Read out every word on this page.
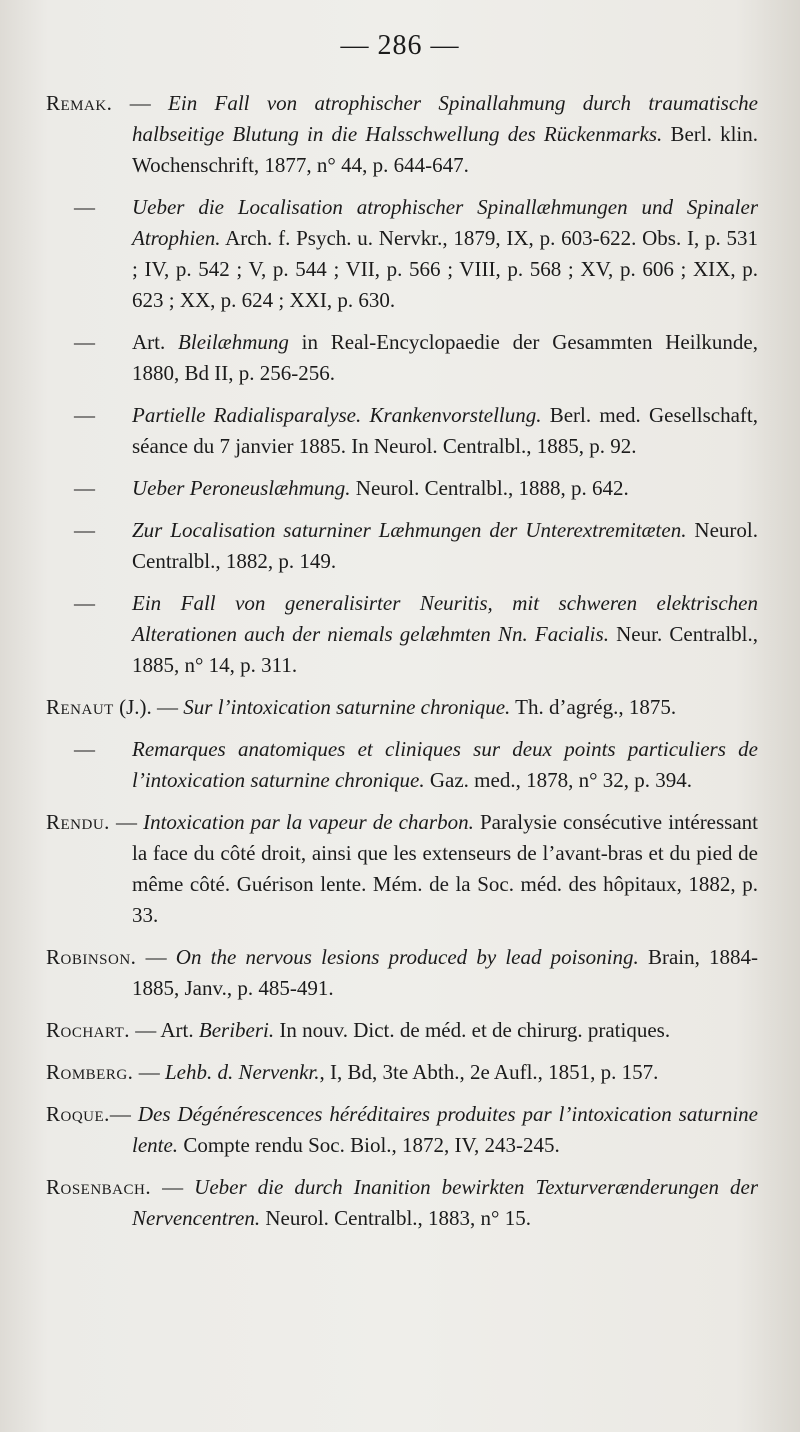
— 286 —
Remak. — Ein Fall von atrophischer Spinallahmung durch traumatische halbseitige Blutung in die Halsschwellung des Rückenmarks. Berl. klin. Wochenschrift, 1877, n° 44, p. 644-647.
— Ueber die Localisation atrophischer Spinallæhmungen und Spinaler Atrophien. Arch. f. Psych. u. Nervkr., 1879, IX, p. 603-622. Obs. I, p. 531 ; IV, p. 542 ; V, p. 544 ; VII, p. 566 ; VIII, p. 568 ; XV, p. 606 ; XIX, p. 623 ; XX, p. 624 ; XXI, p. 630.
— Art. Bleilæhmung in Real-Encyclopaedie der Gesammten Heilkunde, 1880, Bd II, p. 256-256.
— Partielle Radialisparalyse. Krankenvorstellung. Berl. med. Gesellschaft, séance du 7 janvier 1885. In Neurol. Centralbl., 1885, p. 92.
— Ueber Peroneuslæhmung. Neurol. Centralbl., 1888, p. 642.
— Zur Localisation saturniner Læhmungen der Unterextremitæten. Neurol. Centralbl., 1882, p. 149.
— Ein Fall von generalisirter Neuritis, mit schweren elektrischen Alterationen auch der niemals gelæhmten Nn. Facialis. Neur. Centralbl., 1885, n° 14, p. 311.
Renaut (J.). — Sur l’intoxication saturnine chronique. Th. d’agrég., 1875.
— Remarques anatomiques et cliniques sur deux points particuliers de l’intoxication saturnine chronique. Gaz. med., 1878, n° 32, p. 394.
Rendu. — Intoxication par la vapeur de charbon. Paralysie consécutive intéressant la face du côté droit, ainsi que les extenseurs de l’avant-bras et du pied de même côté. Guérison lente. Mém. de la Soc. méd. des hôpitaux, 1882, p. 33.
Robinson. — On the nervous lesions produced by lead poisoning. Brain, 1884-1885, Janv., p. 485-491.
Rochart. — Art. Beriberi. In nouv. Dict. de méd. et de chirurg. pratiques.
Romberg. — Lehb. d. Nervenkr., I, Bd, 3te Abth., 2e Aufl., 1851, p. 157.
Roque.— Des Dégénérescences héréditaires produites par l’intoxication saturnine lente. Compte rendu Soc. Biol., 1872, IV, 243-245.
Rosenbach. — Ueber die durch Inanition bewirkten Texturverænderungen der Nervencentren. Neurol. Centralbl., 1883, n° 15.
